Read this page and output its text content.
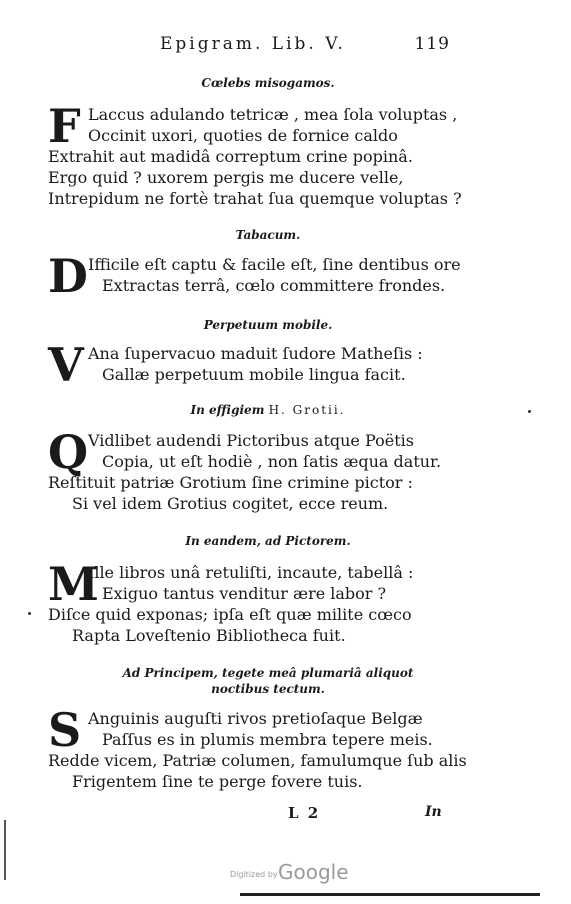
Epigram. Lib. V.	119
Cœlebs misogamos.
F Laccus adulando tetricæ , mea ſola voluptas ,
Occinit uxori, quoties de fornice caldo
Extrahit aut madidâ correptum crine popinâ.
Ergo quid ? uxorem pergis me ducere velle,
Intrepidum ne fortè trahat ſua quemque voluptas ?
Tabacum.
D Ifficile eſt captu & facile eſt, ſine dentibus ore
Extractas terrâ, cœlo committere frondes.
Perpetuum mobile.
V Ana ſupervacuo maduit ſudore Matheſis :
Gallæ perpetuum mobile lingua facit.
In effigiem H. Grotii.
Q Vidlibet audendi Pictoribus atque Poëtis
Copia, ut eſt hodiè , non ſatis æqua datur.
Reſtituit patriæ Grotium ſine crimine pictor :
Si vel idem Grotius cogitet, ecce reum.
In eandem, ad Pictorem.
M
Ille libros unâ retuliſti, incaute, tabellâ :
Exiguo tantus venditur ære labor ?
Diſce quid exponas; ipſa eſt quæ milite cœco
Rapta Loveſtenio Bibliotheca fuit.
Ad Principem, tegete meâ plumariâ aliquot
noctibus tectum.
S Anguinis auguſti rivos pretioſaque Belgæ
Paſſus es in plumis membra tepere meis.
Redde vicem, Patriæ columen, famulumque ſub alis
Frigentem ſine te perge fovere tuis.
L 2	In
Digitized by Google
